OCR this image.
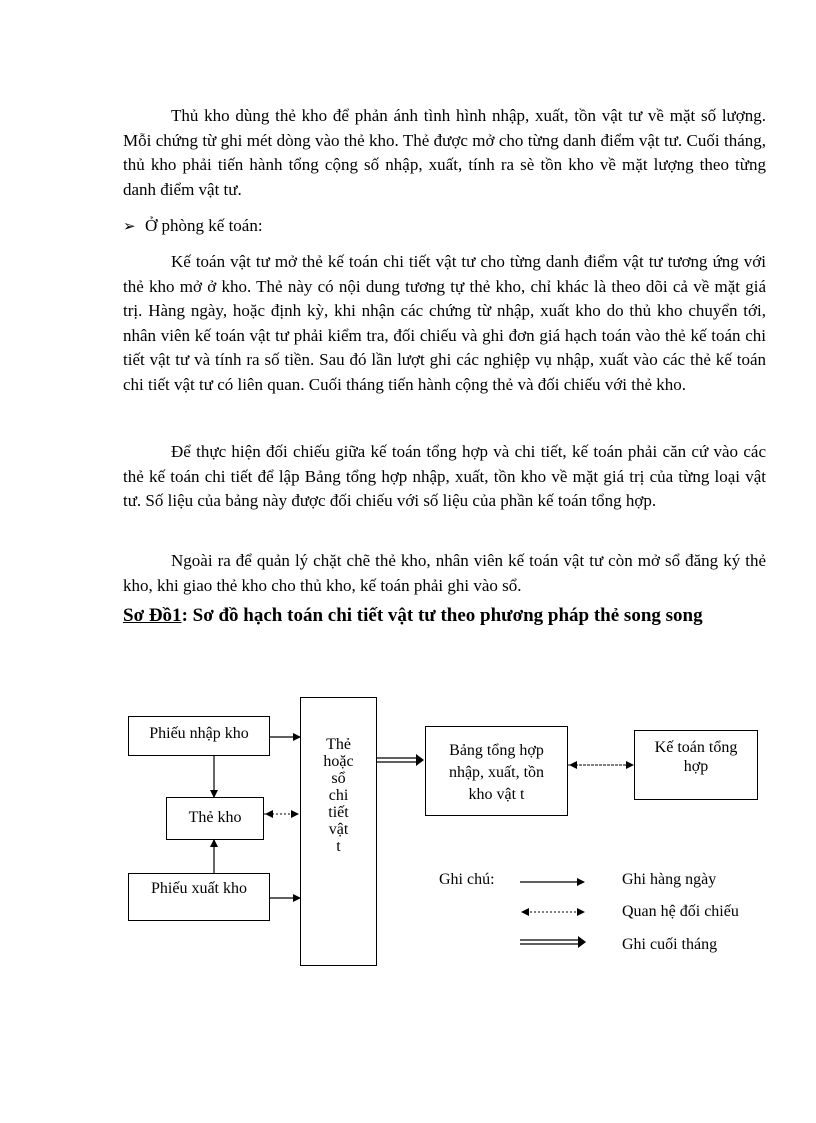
Thủ kho dùng thẻ kho để phản ánh tình hình nhập, xuất, tồn vật tư về mặt số lượng. Mỗi chứng từ ghi mét dòng vào thẻ kho. Thẻ được mở cho từng danh điểm vật tư. Cuối tháng, thủ kho phải tiến hành tổng cộng số nhập, xuất, tính ra sè tồn kho về mặt lượng theo từng danh điểm vật tư.

➢ Ở phòng kế toán:

Kế toán vật tư mở thẻ kế toán chi tiết vật tư cho từng danh điểm vật tư tương ứng với thẻ kho mở ở kho. Thẻ này có nội dung tương tự thẻ kho, chỉ khác là theo dõi cả về mặt giá trị. Hàng ngày, hoặc định kỳ, khi nhận các chứng từ nhập, xuất kho do thủ kho chuyển tới, nhân viên kế toán vật tư phải kiểm tra, đối chiếu và ghi đơn giá hạch toán vào thẻ kế toán chi tiết vật tư và tính ra số tiền. Sau đó lần lượt ghi các nghiệp vụ nhập, xuất vào các thẻ kế toán chi tiết vật tư có liên quan. Cuối tháng tiến hành cộng thẻ và đối chiếu với thẻ kho.

Để thực hiện đối chiếu giữa kế toán tổng hợp và chi tiết, kế toán phải căn cứ vào các thẻ kế toán chi tiết để lập Bảng tổng hợp nhập, xuất, tồn kho về mặt giá trị của từng loại vật tư. Số liệu của bảng này được đối chiếu với số liệu của phần kế toán tổng hợp.

Ngoài ra để quản lý chặt chẽ thẻ kho, nhân viên kế toán vật tư còn mở sổ đăng ký thẻ kho, khi giao thẻ kho cho thủ kho, kế toán phải ghi vào sổ.

Sơ Đồ1: Sơ đồ hạch toán chi tiết vật tư theo phương pháp thẻ song song

Phiếu nhập kho
Thẻ kho
Phiếu xuất kho
Thẻ
hoặc
sổ
chi
tiết
vật
t
Bảng tổng hợp
nhập, xuất, tồn
kho vật t
Kế toán tổng
hợp
Ghi chú:	Ghi hàng ngày
Quan hệ đối chiếu
Ghi cuối tháng
